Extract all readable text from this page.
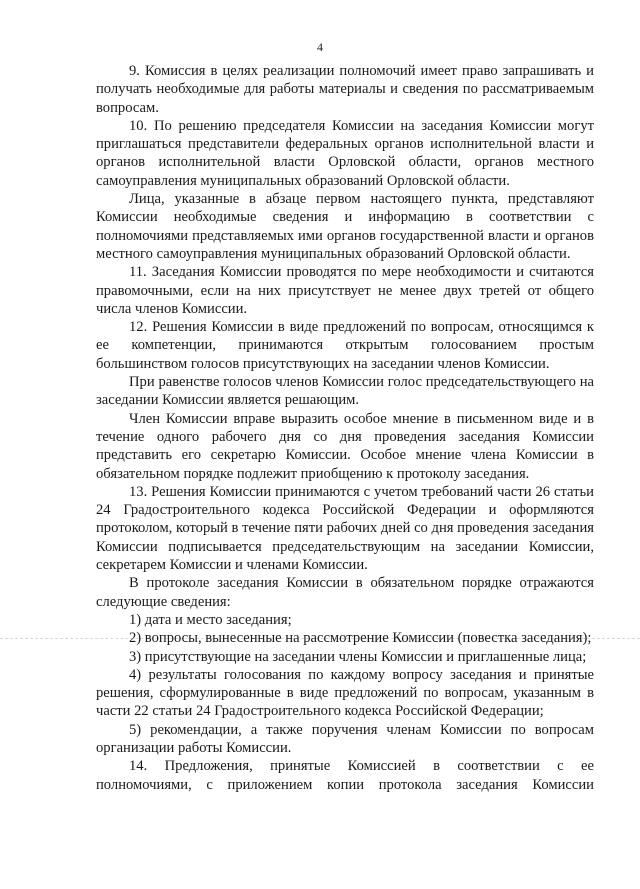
4

9. Комиссия в целях реализации полномочий имеет право запрашивать и получать необходимые для работы материалы и сведения по рассматриваемым вопросам.

10. По решению председателя Комиссии на заседания Комиссии могут приглашаться представители федеральных органов исполнительной власти и органов исполнительной власти Орловской области, органов местного самоуправления муниципальных образований Орловской области.

Лица, указанные в абзаце первом настоящего пункта, представляют Комиссии необходимые сведения и информацию в соответствии с полномочиями представляемых ими органов государственной власти и органов местного самоуправления муниципальных образований Орловской области.

11. Заседания Комиссии проводятся по мере необходимости и считаются правомочными, если на них присутствует не менее двух третей от общего числа членов Комиссии.

12. Решения Комиссии в виде предложений по вопросам, относящимся к ее компетенции, принимаются открытым голосованием простым большинством голосов присутствующих на заседании членов Комиссии.

При равенстве голосов членов Комиссии голос председательствующего на заседании Комиссии является решающим.

Член Комиссии вправе выразить особое мнение в письменном виде и в течение одного рабочего дня со дня проведения заседания Комиссии представить его секретарю Комиссии. Особое мнение члена Комиссии в обязательном порядке подлежит приобщению к протоколу заседания.

13. Решения Комиссии принимаются с учетом требований части 26 статьи 24 Градостроительного кодекса Российской Федерации и оформляются протоколом, который в течение пяти рабочих дней со дня проведения заседания Комиссии подписывается председательствующим на заседании Комиссии, секретарем Комиссии и членами Комиссии.

В протоколе заседания Комиссии в обязательном порядке отражаются следующие сведения:

1) дата и место заседания;

2) вопросы, вынесенные на рассмотрение Комиссии (повестка заседания);

3) присутствующие на заседании члены Комиссии и приглашенные лица;

4) результаты голосования по каждому вопросу заседания и принятые решения, сформулированные в виде предложений по вопросам, указанным в части 22 статьи 24 Градостроительного кодекса Российской Федерации;

5) рекомендации, а также поручения членам Комиссии по вопросам организации работы Комиссии.

14. Предложения, принятые Комиссией в соответствии с ее полномочиями, с приложением копии протокола заседания Комиссии
